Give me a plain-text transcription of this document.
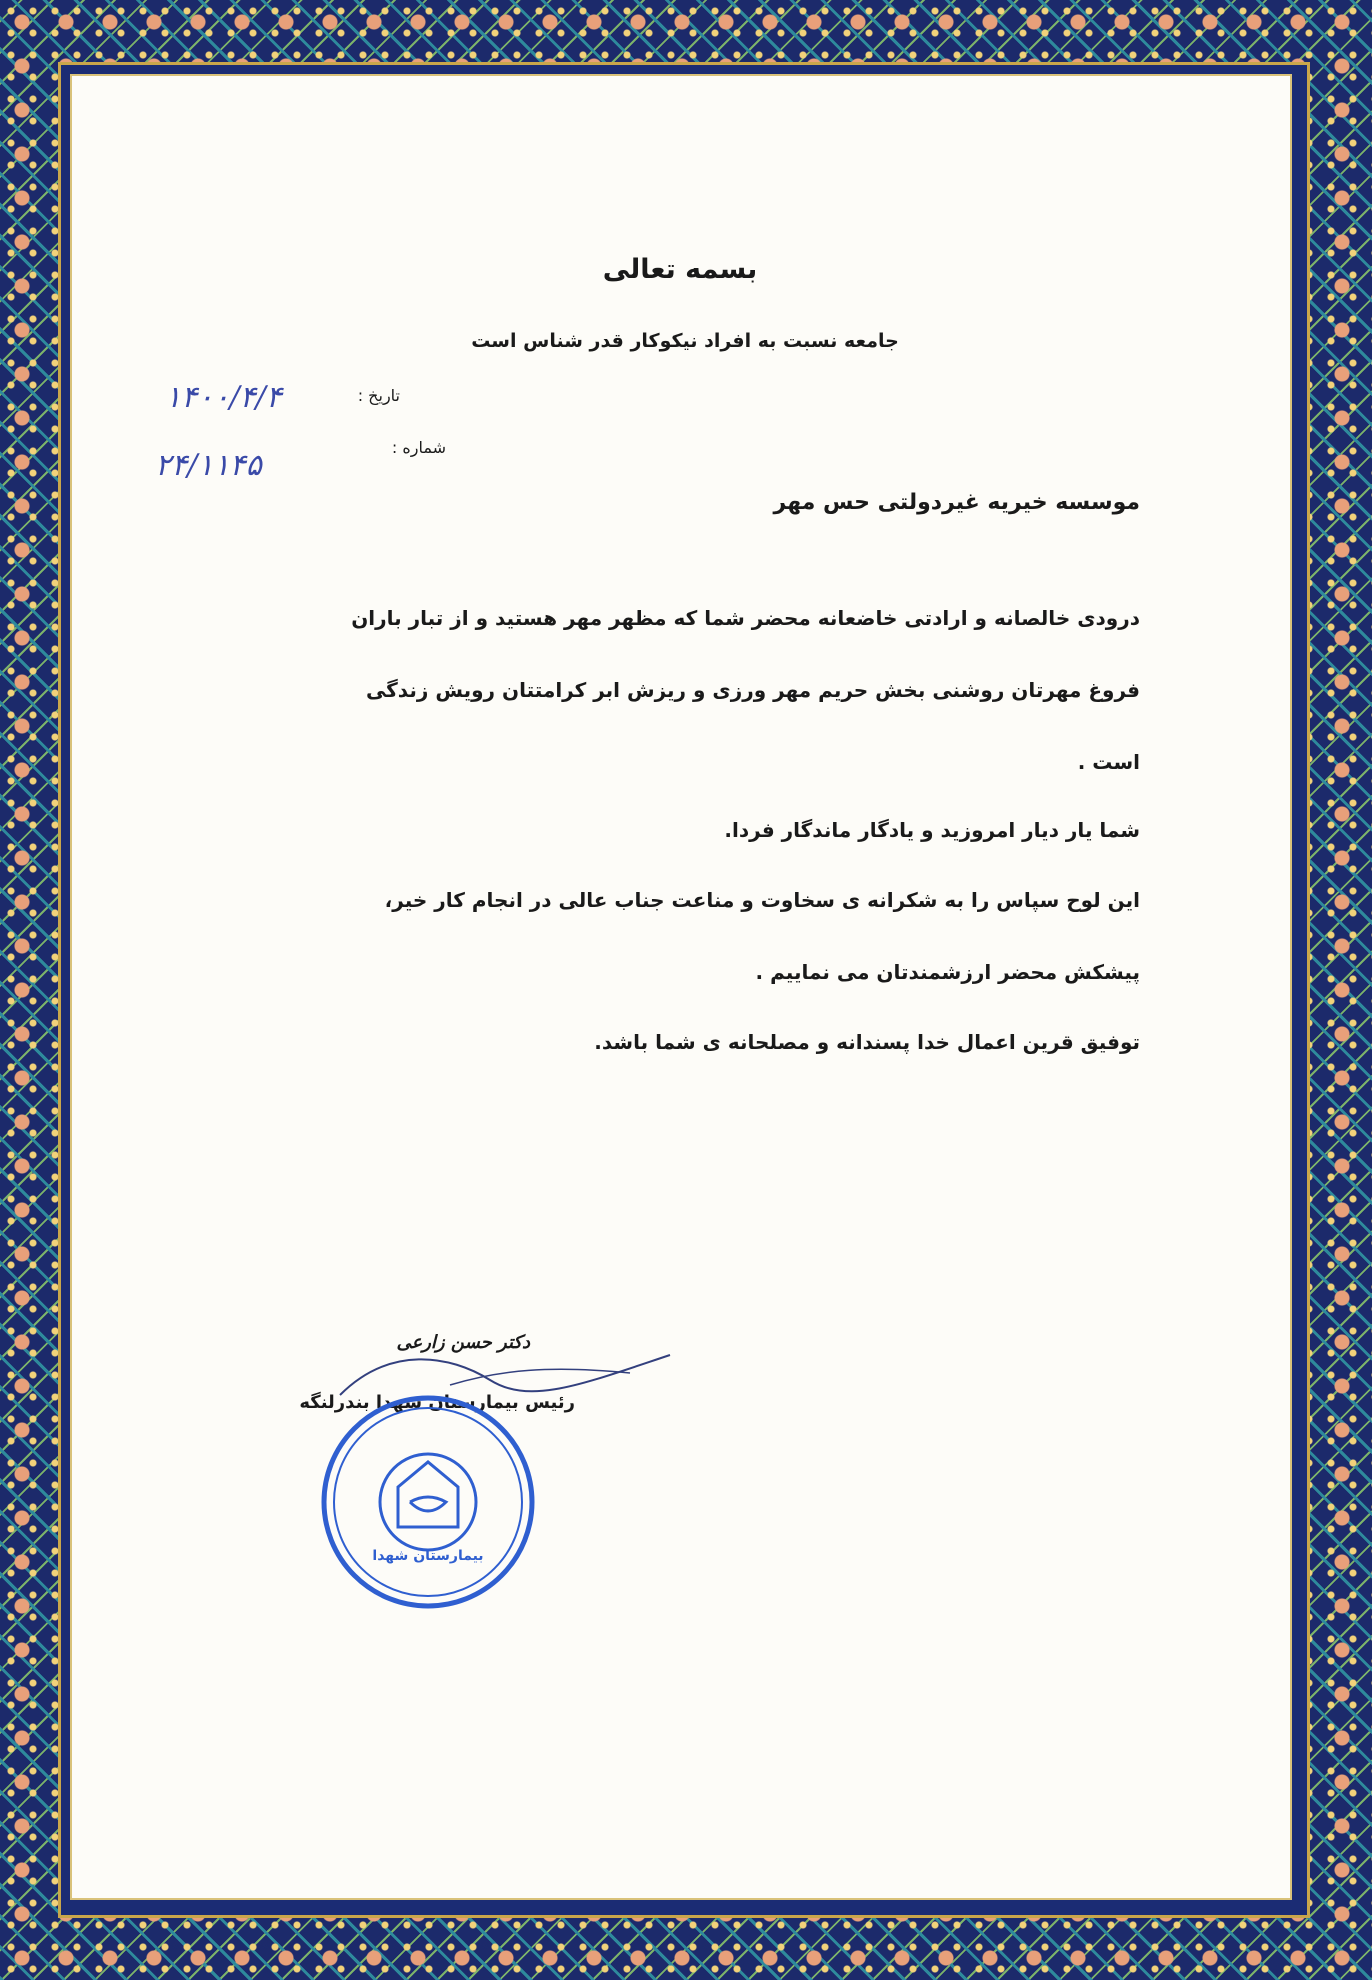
بسمه تعالی
جامعه نسبت به افراد نیکوکار قدر شناس است
تاریخ :
۱۴۰۰/۴/۴
شماره :
۲۴/۱۱۴۵
موسسه خیریه غیردولتی حس مهر
درودی خالصانه و ارادتی خاضعانه محضر شما که مظهر مهر هستید و از تبار باران
فروغ مهرتان روشنی بخش حریم مهر ورزی و ریزش ابر کرامتتان رویش زندگی
است .
شما یار دیار امروزید و یادگار ماندگار فردا.
این لوح سپاس را به شکرانه ی سخاوت و مناعت جناب عالی در انجام کار خیر،
پیشکش محضر ارزشمندتان می نماییم .
توفیق قرین اعمال خدا پسندانه و مصلحانه ی شما باشد.
دکتر حسن زارعی
رئیس بیمارستان شهدا بندرلنگه
بیمارستان شهدا
